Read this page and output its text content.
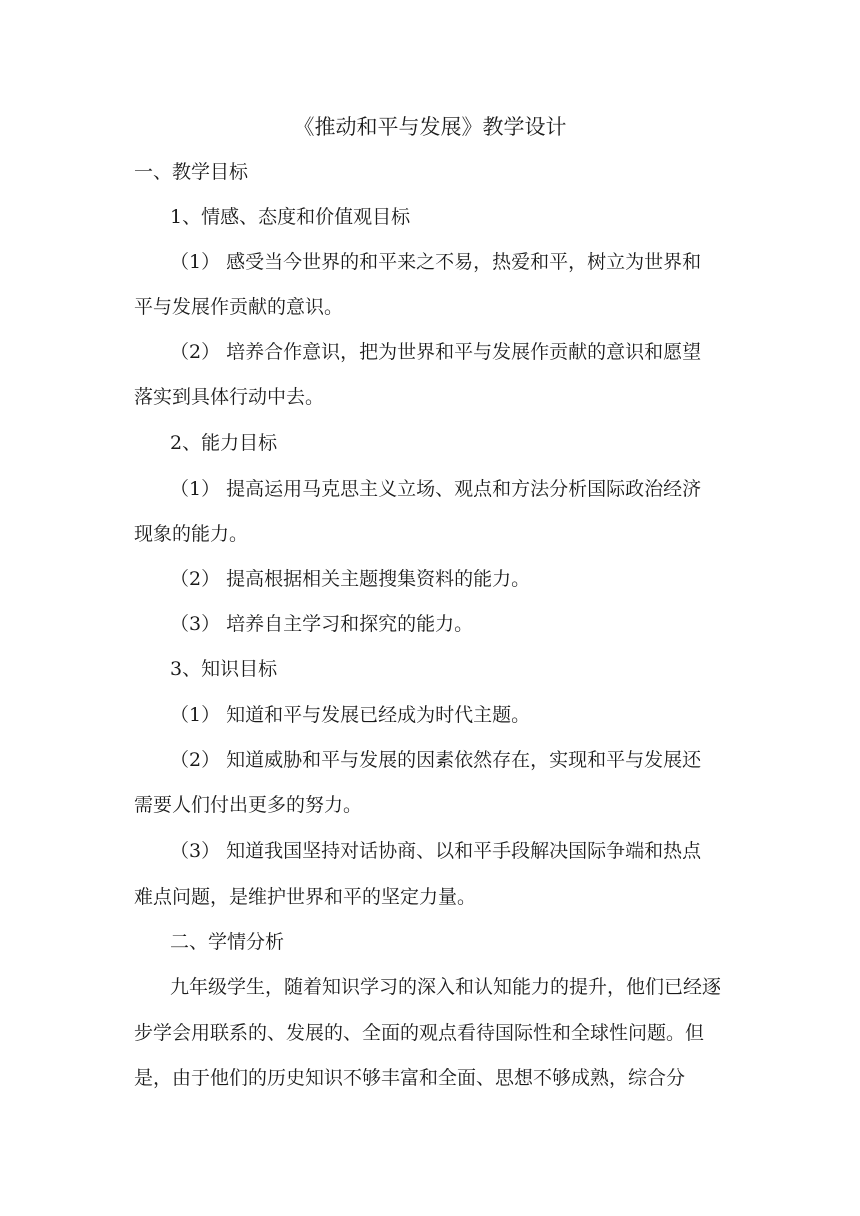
《推动和平与发展》教学设计
一、教学目标
1、情感、态度和价值观目标
（1） 感受当今世界的和平来之不易，热爱和平，树立为世界和
平与发展作贡献的意识。
（2） 培养合作意识，把为世界和平与发展作贡献的意识和愿望
落实到具体行动中去。
2、能力目标
（1） 提高运用马克思主义立场、观点和方法分析国际政治经济
现象的能力。
（2） 提高根据相关主题搜集资料的能力。
（3） 培养自主学习和探究的能力。
3、知识目标
（1） 知道和平与发展已经成为时代主题。
（2） 知道威胁和平与发展的因素依然存在，实现和平与发展还
需要人们付出更多的努力。
（3） 知道我国坚持对话协商、以和平手段解决国际争端和热点
难点问题，是维护世界和平的坚定力量。
二、学情分析
九年级学生，随着知识学习的深入和认知能力的提升，他们已经逐
步学会用联系的、发展的、全面的观点看待国际性和全球性问题。但
是，由于他们的历史知识不够丰富和全面、思想不够成熟，综合分
